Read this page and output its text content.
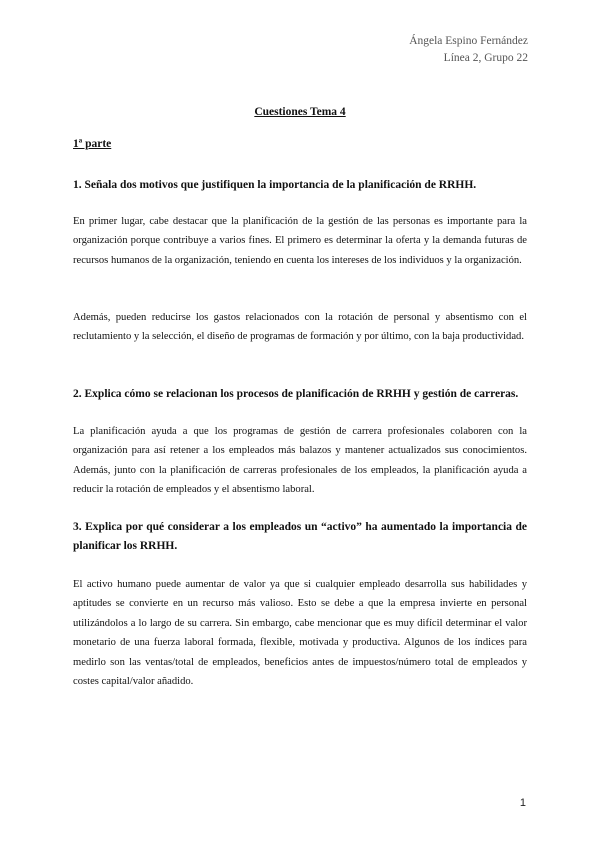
Ángela Espino Fernández
Línea 2, Grupo 22
Cuestiones Tema 4
1ª parte
1. Señala dos motivos que justifiquen la importancia de la planificación de RRHH.
En primer lugar, cabe destacar que la planificación de la gestión de las personas es importante para la organización porque contribuye a varios fines. El primero es determinar la oferta y la demanda futuras de recursos humanos de la organización, teniendo en cuenta los intereses de los individuos y la organización.
Además, pueden reducirse los gastos relacionados con la rotación de personal y absentismo con el reclutamiento y la selección, el diseño de programas de formación y por último, con la baja productividad.
2. Explica cómo se relacionan los procesos de planificación de RRHH y gestión de carreras.
La planificación ayuda a que los programas de gestión de carrera profesionales colaboren con la organización para así retener a los empleados más balazos y mantener actualizados sus conocimientos. Además, junto con la planificación de carreras profesionales de los empleados, la planificación ayuda a reducir la rotación de empleados y el absentismo laboral.
3. Explica por qué considerar a los empleados un “activo” ha aumentado la importancia de planificar los RRHH.
El activo humano puede aumentar de valor ya que si cualquier empleado desarrolla sus habilidades y aptitudes se convierte en un recurso más valioso. Esto se debe a que la empresa invierte en personal utilizándolos a lo largo de su carrera. Sin embargo, cabe mencionar que es muy difícil determinar el valor monetario de una fuerza laboral formada, flexible, motivada y productiva. Algunos de los índices para medirlo son las ventas/total de empleados, beneficios antes de impuestos/número total de empleados y costes capital/valor añadido.
1
